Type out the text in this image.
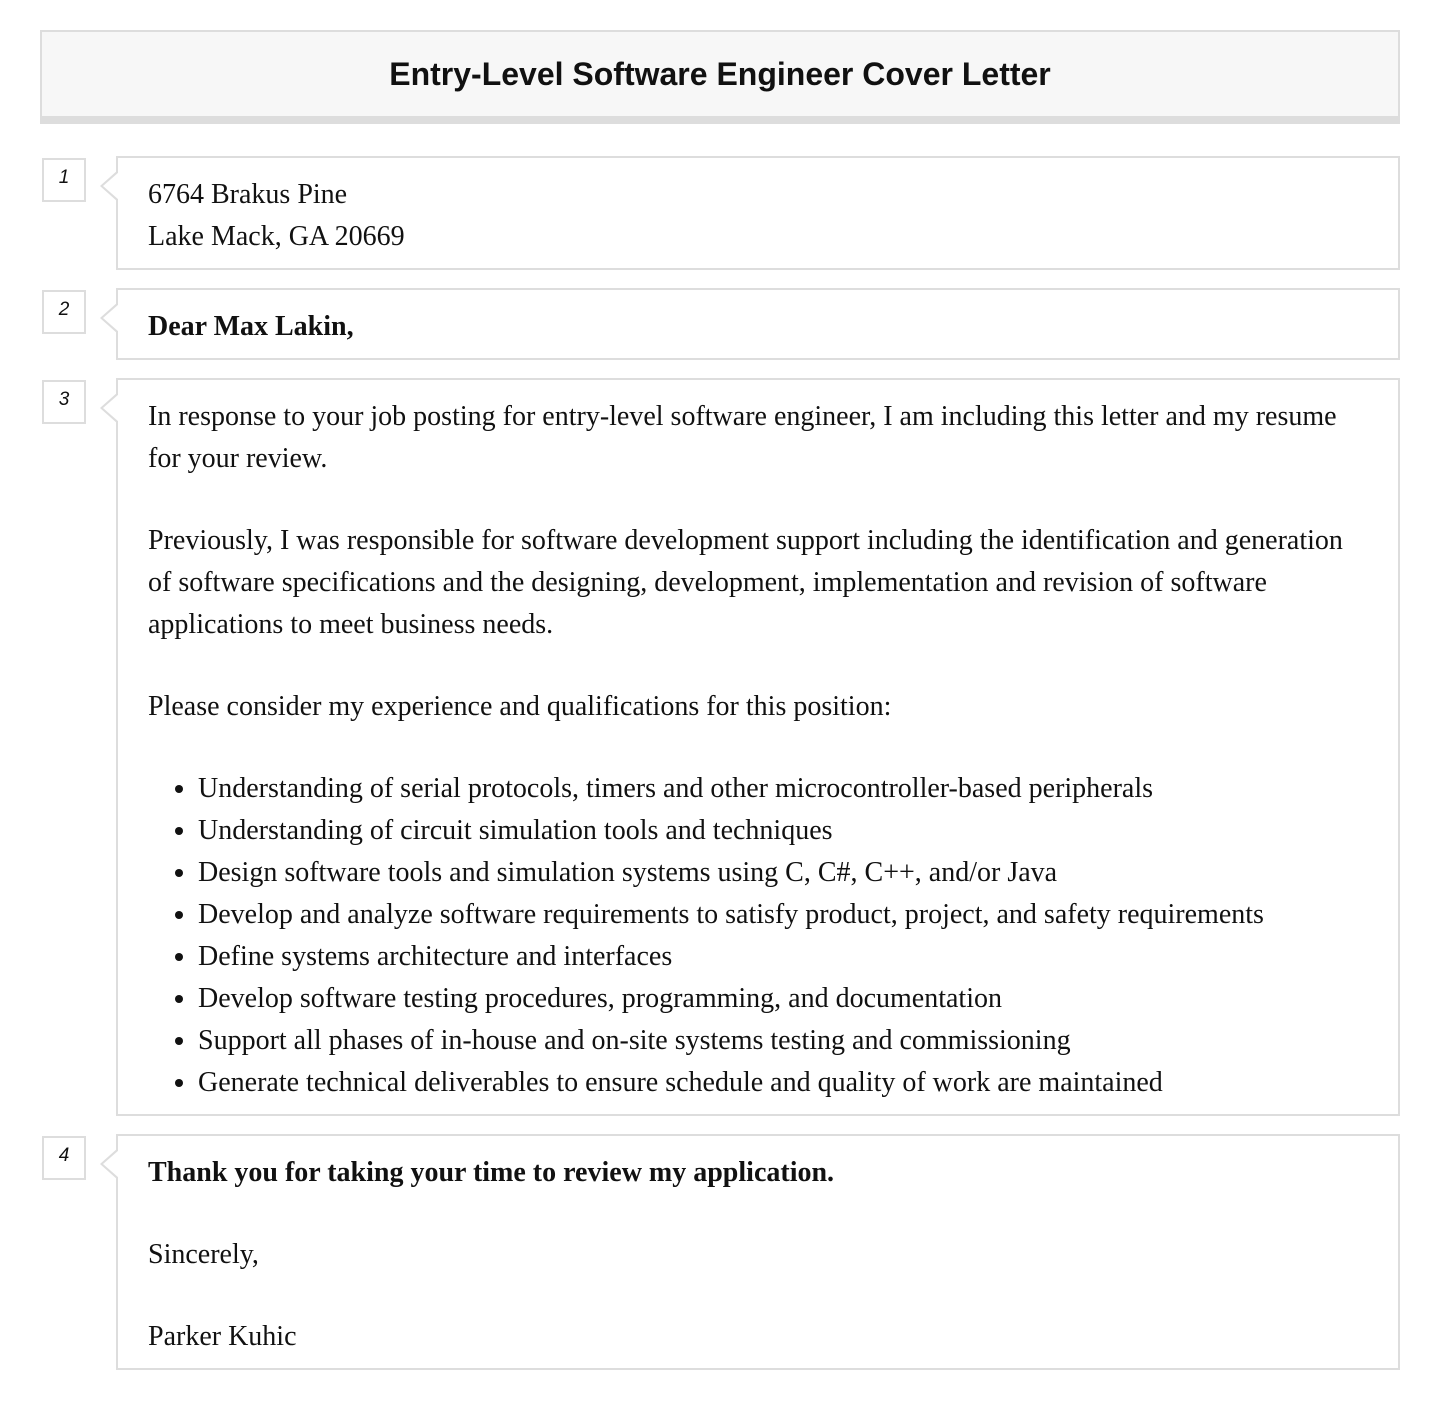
Entry-Level Software Engineer Cover Letter
1
6764 Brakus Pine
Lake Mack, GA 20669
2
Dear Max Lakin,
3

In response to your job posting for entry-level software engineer, I am including this letter and my resume for your review.

Previously, I was responsible for software development support including the identification and generation of software specifications and the designing, development, implementation and revision of software applications to meet business needs.

Please consider my experience and qualifications for this position:

• Understanding of serial protocols, timers and other microcontroller-based peripherals
• Understanding of circuit simulation tools and techniques
• Design software tools and simulation systems using C, C#, C++, and/or Java
• Develop and analyze software requirements to satisfy product, project, and safety requirements
• Define systems architecture and interfaces
• Develop software testing procedures, programming, and documentation
• Support all phases of in-house and on-site systems testing and commissioning
• Generate technical deliverables to ensure schedule and quality of work are maintained
4

Thank you for taking your time to review my application.

Sincerely,

Parker Kuhic
